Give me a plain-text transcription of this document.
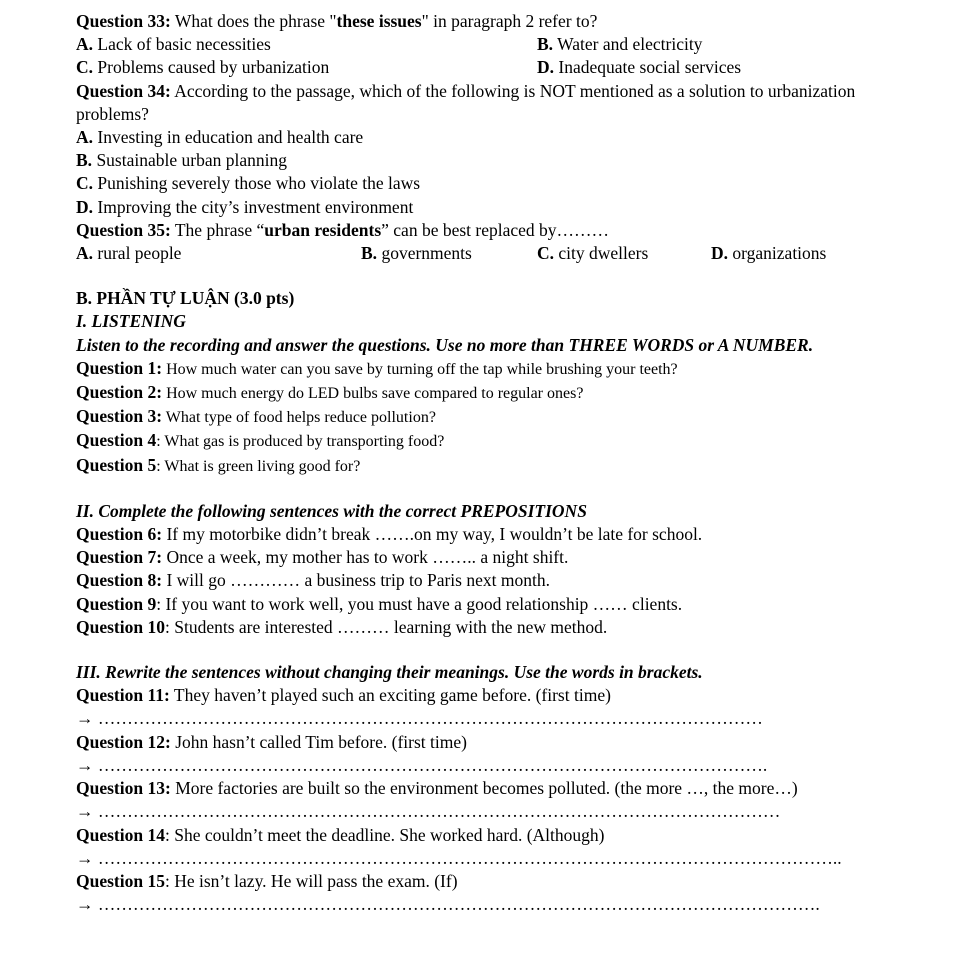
Question 33: What does the phrase "these issues" in paragraph 2 refer to?
A. Lack of basic necessities	B. Water and electricity
C. Problems caused by urbanization	D. Inadequate social services
Question 34: According to the passage, which of the following is NOT mentioned as a solution to urbanization problems?
A. Investing in education and health care
B. Sustainable urban planning
C. Punishing severely those who violate the laws
D. Improving the city’s investment environment
Question 35: The phrase “urban residents” can be best replaced by………
A. rural people	B. governments	C. city dwellers	D. organizations
B. PHẦN TỰ LUẬN (3.0 pts)
I. LISTENING
Listen to the recording and answer the questions. Use no more than THREE WORDS or A NUMBER.
Question 1: How much water can you save by turning off the tap while brushing your teeth?
Question 2: How much energy do LED bulbs save compared to regular ones?
Question 3: What type of food helps reduce pollution?
Question 4: What gas is produced by transporting food?
Question 5: What is green living good for?
II. Complete the following sentences with the correct PREPOSITIONS
Question 6: If my motorbike didn’t break …….on my way, I wouldn’t be late for school.
Question 7: Once a week, my mother has to work …….. a night shift.
Question 8: I will go ………… a business trip to Paris next month.
Question 9: If you want to work well, you must have a good relationship …… clients.
Question 10: Students are interested ……… learning with the new method.
III. Rewrite the sentences without changing their meanings. Use the words in brackets.
Question 11: They haven’t played such an exciting game before. (first time)
→ ……………………………………………………………………………………………………
Question 12: John hasn’t called Tim before. (first time)
→ …………………………………………………………………………………………………….
Question 13: More factories are built so the environment becomes polluted. (the more …, the more…)
→ ………………………………………………………………………………………………………
Question 14: She couldn’t meet the deadline. She worked hard. (Although)
→ ………………………………………………………………………………………………………………..
Question 15: He isn’t lazy. He will pass the exam. (If)
→ …………………………………………………………………………………………………………….
